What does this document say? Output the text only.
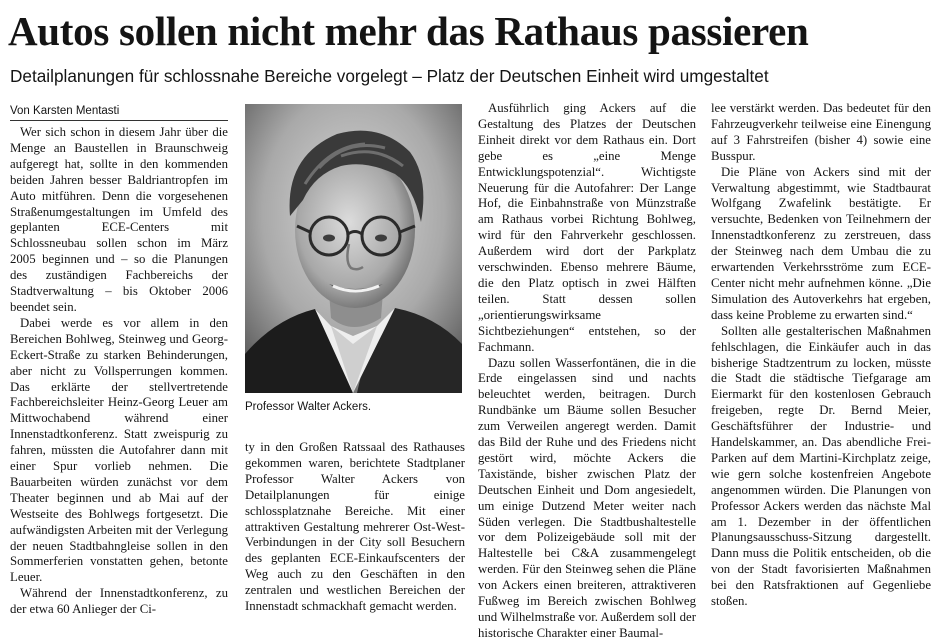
Autos sollen nicht mehr das Rathaus passieren
Detailplanungen für schlossnahe Bereiche vorgelegt – Platz der Deutschen Einheit wird umgestaltet
Von Karsten Mentasti

Wer sich schon in diesem Jahr über die Menge an Baustellen in Braunschweig aufgeregt hat, sollte in den kommenden beiden Jahren besser Baldriantropfen im Auto mitführen. Denn die vorgesehenen Straßenumgestaltungen im Umfeld des geplanten ECE-Centers mit Schlossneubau sollen schon im März 2005 beginnen und – so die Planungen des zuständigen Fachbereichs der Stadtverwaltung – bis Oktober 2006 beendet sein.

Dabei werde es vor allem in den Bereichen Bohlweg, Steinweg und Georg-Eckert-Straße zu starken Behinderungen, aber nicht zu Vollsperrungen kommen. Das erklärte der stellvertretende Fachbereichsleiter Heinz-Georg Leuer am Mittwochabend während einer Innenstadtkonferenz. Statt zweispurig zu fahren, müssten die Autofahrer dann mit einer Spur vorlieb nehmen. Die Bauarbeiten würden zunächst vor dem Theater beginnen und ab Mai auf der Westseite des Bohlwegs fortgesetzt. Die aufwändigsten Arbeiten mit der Verlegung der neuen Stadtbahngleise sollen in den Sommerferien vonstatten gehen, betonte Leuer.

Während der Innenstadtkonferenz, zu der etwa 60 Anlieger der Ci-

Professor Walter Ackers.

ty in den Großen Ratssaal des Rathauses gekommen waren, berichtete Stadtplaner Professor Walter Ackers von Detailplanungen für einige schlossplatznahe Bereiche. Mit einer attraktiven Gestaltung mehrerer Ost-West-Verbindungen in der City soll Besuchern des geplanten ECE-Einkaufscenters der Weg auch zu den Geschäften in den zentralen und westlichen Bereichen der Innenstadt schmackhaft gemacht werden.

Ausführlich ging Ackers auf die Gestaltung des Platzes der Deutschen Einheit direkt vor dem Rathaus ein. Dort gebe es „eine Menge Entwicklungspotenzial“. Wichtigste Neuerung für die Autofahrer: Der Lange Hof, die Einbahnstraße von Münzstraße am Rathaus vorbei Richtung Bohlweg, wird für den Fahrverkehr geschlossen. Außerdem wird dort der Parkplatz verschwinden. Ebenso mehrere Bäume, die den Platz optisch in zwei Hälften teilen. Statt dessen sollen „orientierungswirksame Sichtbeziehungen“ entstehen, so der Fachmann.

Dazu sollen Wasserfontänen, die in die Erde eingelassen sind und nachts beleuchtet werden, beitragen. Durch Rundbänke um Bäume sollen Besucher zum Verweilen angeregt werden. Damit das Bild der Ruhe und des Friedens nicht gestört wird, möchte Ackers die Taxistände, bisher zwischen Platz der Deutschen Einheit und Dom angesiedelt, um einige Dutzend Meter weiter nach Süden verlegen. Die Stadtbushaltestelle vor dem Polizeigebäude soll mit der Haltestelle bei C&A zusammengelegt werden. Für den Steinweg sehen die Pläne von Ackers einen breiteren, attraktiveren Fußweg im Bereich zwischen Bohlweg und Wilhelmstraße vor. Außerdem soll der historische Charakter einer Baumal-

lee verstärkt werden. Das bedeutet für den Fahrzeugverkehr teilweise eine Einengung auf 3 Fahrstreifen (bisher 4) sowie eine Busspur.

Die Pläne von Ackers sind mit der Verwaltung abgestimmt, wie Stadtbaurat Wolfgang Zwafelink bestätigte. Er versuchte, Bedenken von Teilnehmern der Innenstadtkonferenz zu zerstreuen, dass der Steinweg nach dem Umbau die zu erwartenden Verkehrsströme zum ECE-Center nicht mehr aufnehmen könne. „Die Simulation des Autoverkehrs hat ergeben, dass keine Probleme zu erwarten sind.“

Sollten alle gestalterischen Maßnahmen fehlschlagen, die Einkäufer auch in das bisherige Stadtzentrum zu locken, müsste die Stadt die städtische Tiefgarage am Eiermarkt für den kostenlosen Gebrauch freigeben, regte Dr. Bernd Meier, Geschäftsführer der Industrie- und Handelskammer, an. Das abendliche Frei-Parken auf dem Martini-Kirchplatz zeige, wie gern solche kostenfreien Angebote angenommen würden. Die Planungen von Professor Ackers werden das nächste Mal am 1. Dezember in der öffentlichen Planungsausschuss-Sitzung dargestellt. Dann muss die Politik entscheiden, ob die von der Stadt favorisierten Maßnahmen bei den Ratsfraktionen auf Gegenliebe stoßen.
